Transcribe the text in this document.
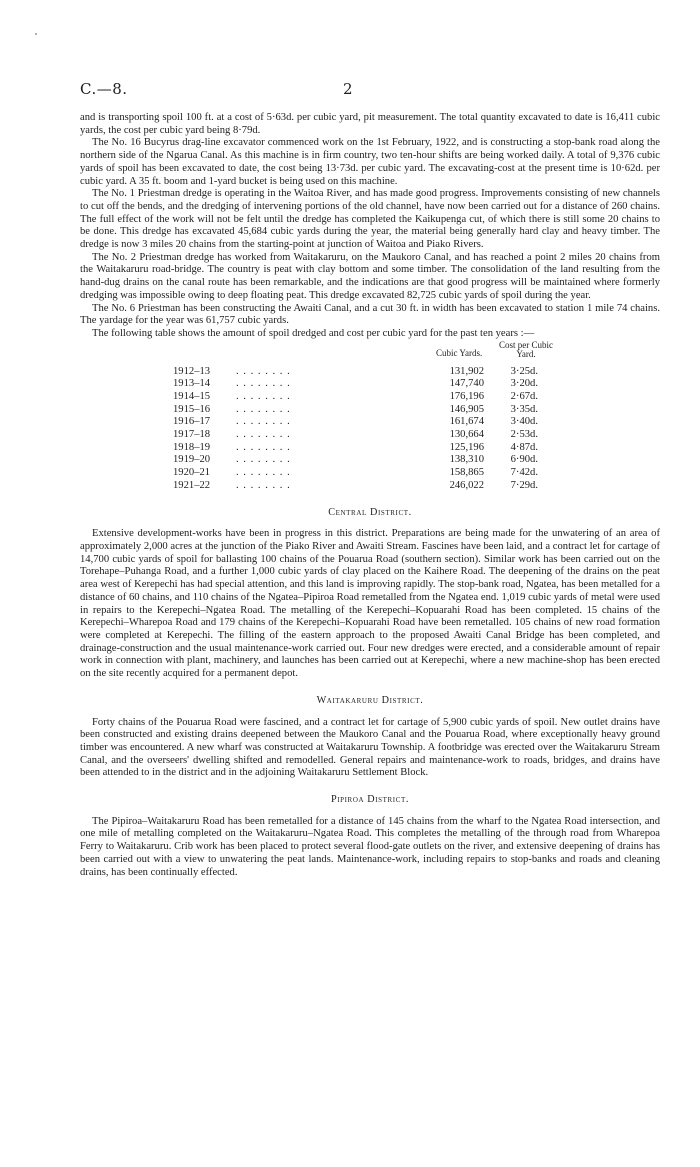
C.—8.	2

and is transporting spoil 100 ft. at a cost of 5·63d. per cubic yard, pit measurement. The total quantity excavated to date is 16,411 cubic yards, the cost per cubic yard being 8·79d.

The No. 16 Bucyrus drag-line excavator commenced work on the 1st February, 1922, and is constructing a stop-bank road along the northern side of the Ngarua Canal. As this machine is in firm country, two ten-hour shifts are being worked daily. A total of 9,376 cubic yards of spoil has been excavated to date, the cost being 13·73d. per cubic yard. The excavating-cost at the present time is 10·62d. per cubic yard. A 35 ft. boom and 1-yard bucket is being used on this machine.

The No. 1 Priestman dredge is operating in the Waitoa River, and has made good progress. Improvements consisting of new channels to cut off the bends, and the dredging of intervening portions of the old channel, have now been carried out for a distance of 260 chains. The full effect of the work will not be felt until the dredge has completed the Kaikupenga cut, of which there is still some 20 chains to be done. This dredge has excavated 45,684 cubic yards during the year, the material being generally hard clay and heavy timber. The dredge is now 3 miles 20 chains from the starting-point at junction of Waitoa and Piako Rivers.

The No. 2 Priestman dredge has worked from Waitakaruru, on the Maukoro Canal, and has reached a point 2 miles 20 chains from the Waitakaruru road-bridge. The country is peat with clay bottom and some timber. The consolidation of the land resulting from the hand-dug drains on the canal route has been remarkable, and the indications are that good progress will be maintained where formerly dredging was impossible owing to deep floating peat. This dredge excavated 82,725 cubic yards of spoil during the year.

The No. 6 Priestman has been constructing the Awaiti Canal, and a cut 30 ft. in width has been excavated to station 1 mile 74 chains. The yardage for the year was 61,757 cubic yards.

The following table shows the amount of spoil dredged and cost per cubic yard for the past ten years :—

Cubic Yards.
Cost per Cubic Yard.
1912–13 . . . . . . . .	131,902	3·25d.
1913–14 . . . . . . . .	147,740	3·20d.
1914–15 . . . . . . . .	176,196	2·67d.
1915–16 . . . . . . . .	146,905	3·35d.
1916–17 . . . . . . . .	161,674	3·40d.
1917–18 . . . . . . . .	130,664	2·53d.
1918–19 . . . . . . . .	125,196	4·87d.
1919–20 . . . . . . . .	138,310	6·90d.
1920–21 . . . . . . . .	158,865	7·42d.
1921–22 . . . . . . . .	246,022	7·29d.
Central District.

Extensive development-works have been in progress in this district. Preparations are being made for the unwatering of an area of approximately 2,000 acres at the junction of the Piako River and Awaiti Stream. Fascines have been laid, and a contract let for cartage of 14,700 cubic yards of spoil for ballasting 100 chains of the Pouarua Road (southern section). Similar work has been carried out on the Torehape–Puhanga Road, and a further 1,000 cubic yards of clay placed on the Kaihere Road. The deepening of the drains on the peat area west of Kerepechi has had special attention, and this land is improving rapidly. The stop-bank road, Ngatea, has been metalled for a distance of 60 chains, and 110 chains of the Ngatea–Pipiroa Road remetalled from the Ngatea end. 1,019 cubic yards of metal were used in repairs to the Kerepechi–Ngatea Road. The metalling of the Kerepechi–Kopuarahi Road has been completed. 15 chains of the Kerepechi–Wharepoa Road and 179 chains of the Kerepechi–Kopuarahi Road have been remetalled. 105 chains of new road formation were completed at Kerepechi. The filling of the eastern approach to the proposed Awaiti Canal Bridge has been completed, and drainage-construction and the usual maintenance-work carried out. Four new dredges were erected, and a considerable amount of repair work in connection with plant, machinery, and launches has been carried out at Kerepechi, where a new machine-shop has been erected on the site recently acquired for a permanent depot.

Waitakaruru District.

Forty chains of the Pouarua Road were fascined, and a contract let for cartage of 5,900 cubic yards of spoil. New outlet drains have been constructed and existing drains deepened between the Maukoro Canal and the Pouarua Road, where exceptionally heavy ground timber was encountered. A new wharf was constructed at Waitakaruru Township. A footbridge was erected over the Waitakaruru Stream Canal, and the overseers' dwelling shifted and remodelled. General repairs and maintenance-work to roads, bridges, and drains have been attended to in the district and in the adjoining Waitakaruru Settlement Block.

Pipiroa District.

The Pipiroa–Waitakaruru Road has been remetalled for a distance of 145 chains from the wharf to the Ngatea Road intersection, and one mile of metalling completed on the Waitakaruru–Ngatea Road. This completes the metalling of the through road from Wharepoa Ferry to Waitakaruru. Crib work has been placed to protect several flood-gate outlets on the river, and extensive deepening of drains has been carried out with a view to unwatering the peat lands. Maintenance-work, including repairs to stop-banks and roads and cleaning drains, has been continually effected.
